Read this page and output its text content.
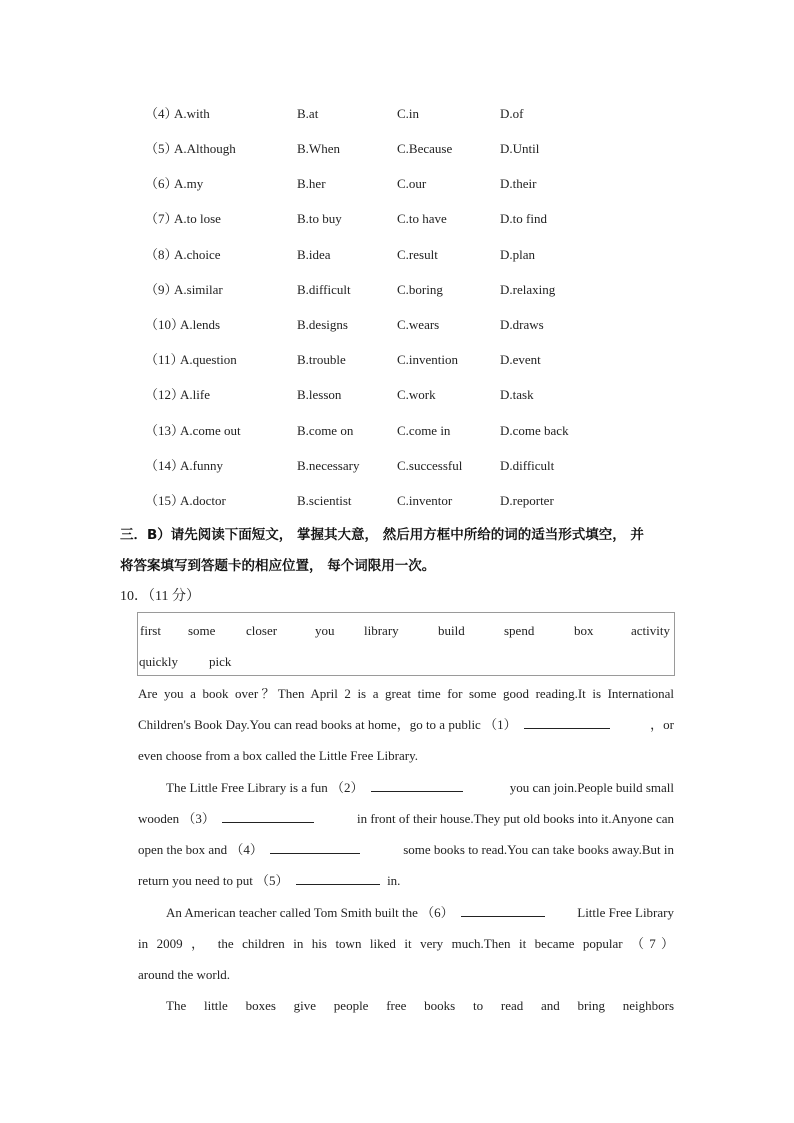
（4）
A.with	B.at	C.in	D.of
（5）
A.Although	B.When	C.Because	D.Until
（6）
A.my	B.her	C.our	D.their
（7）
A.to lose	B.to buy	C.to have	D.to find
（8）
A.choice	B.idea	C.result	D.plan
（9）
A.similar	B.difficult	C.boring	D.relaxing
（10）
A.lends	B.designs	C.wears	D.draws
（11）
A.question	B.trouble	C.invention	D.event
（12）
A.life	B.lesson	C.work	D.task
（13）
A.come out	B.come on	C.come in	D.come back
（14）
A.funny	B.necessary	C.successful	D.difficult
（15）
A.doctor	B.scientist	C.inventor	D.reporter
三．B）请先阅读下面短文， 掌握其大意， 然后用方框中所给的词的适当形式填空， 并
将答案填写到答题卡的相应位置， 每个词限用一次。
10．（11 分）
first some closer	you library	build	spend	box	activity
quickly pick
Are you a book over？Then April 2 is a great time for some good reading.It is International
Children's Book Day.You can read books at home，go to a public （1）	，or
even choose from a box called the Little Free Library.
The Little Free Library is a fun （2）	you can join.People build small
wooden （3）	in front of their house.They put old books into it.Anyone can
open the box and （4）	some books to read.You can take books away.But in
return you need to put （5）	in.
An American teacher called Tom Smith built the （6）	Little Free Library
in 2009 ， the children in his town liked it very much.Then it became popular （7）
around the world.
The little boxes give people free books to read and bring neighbors
